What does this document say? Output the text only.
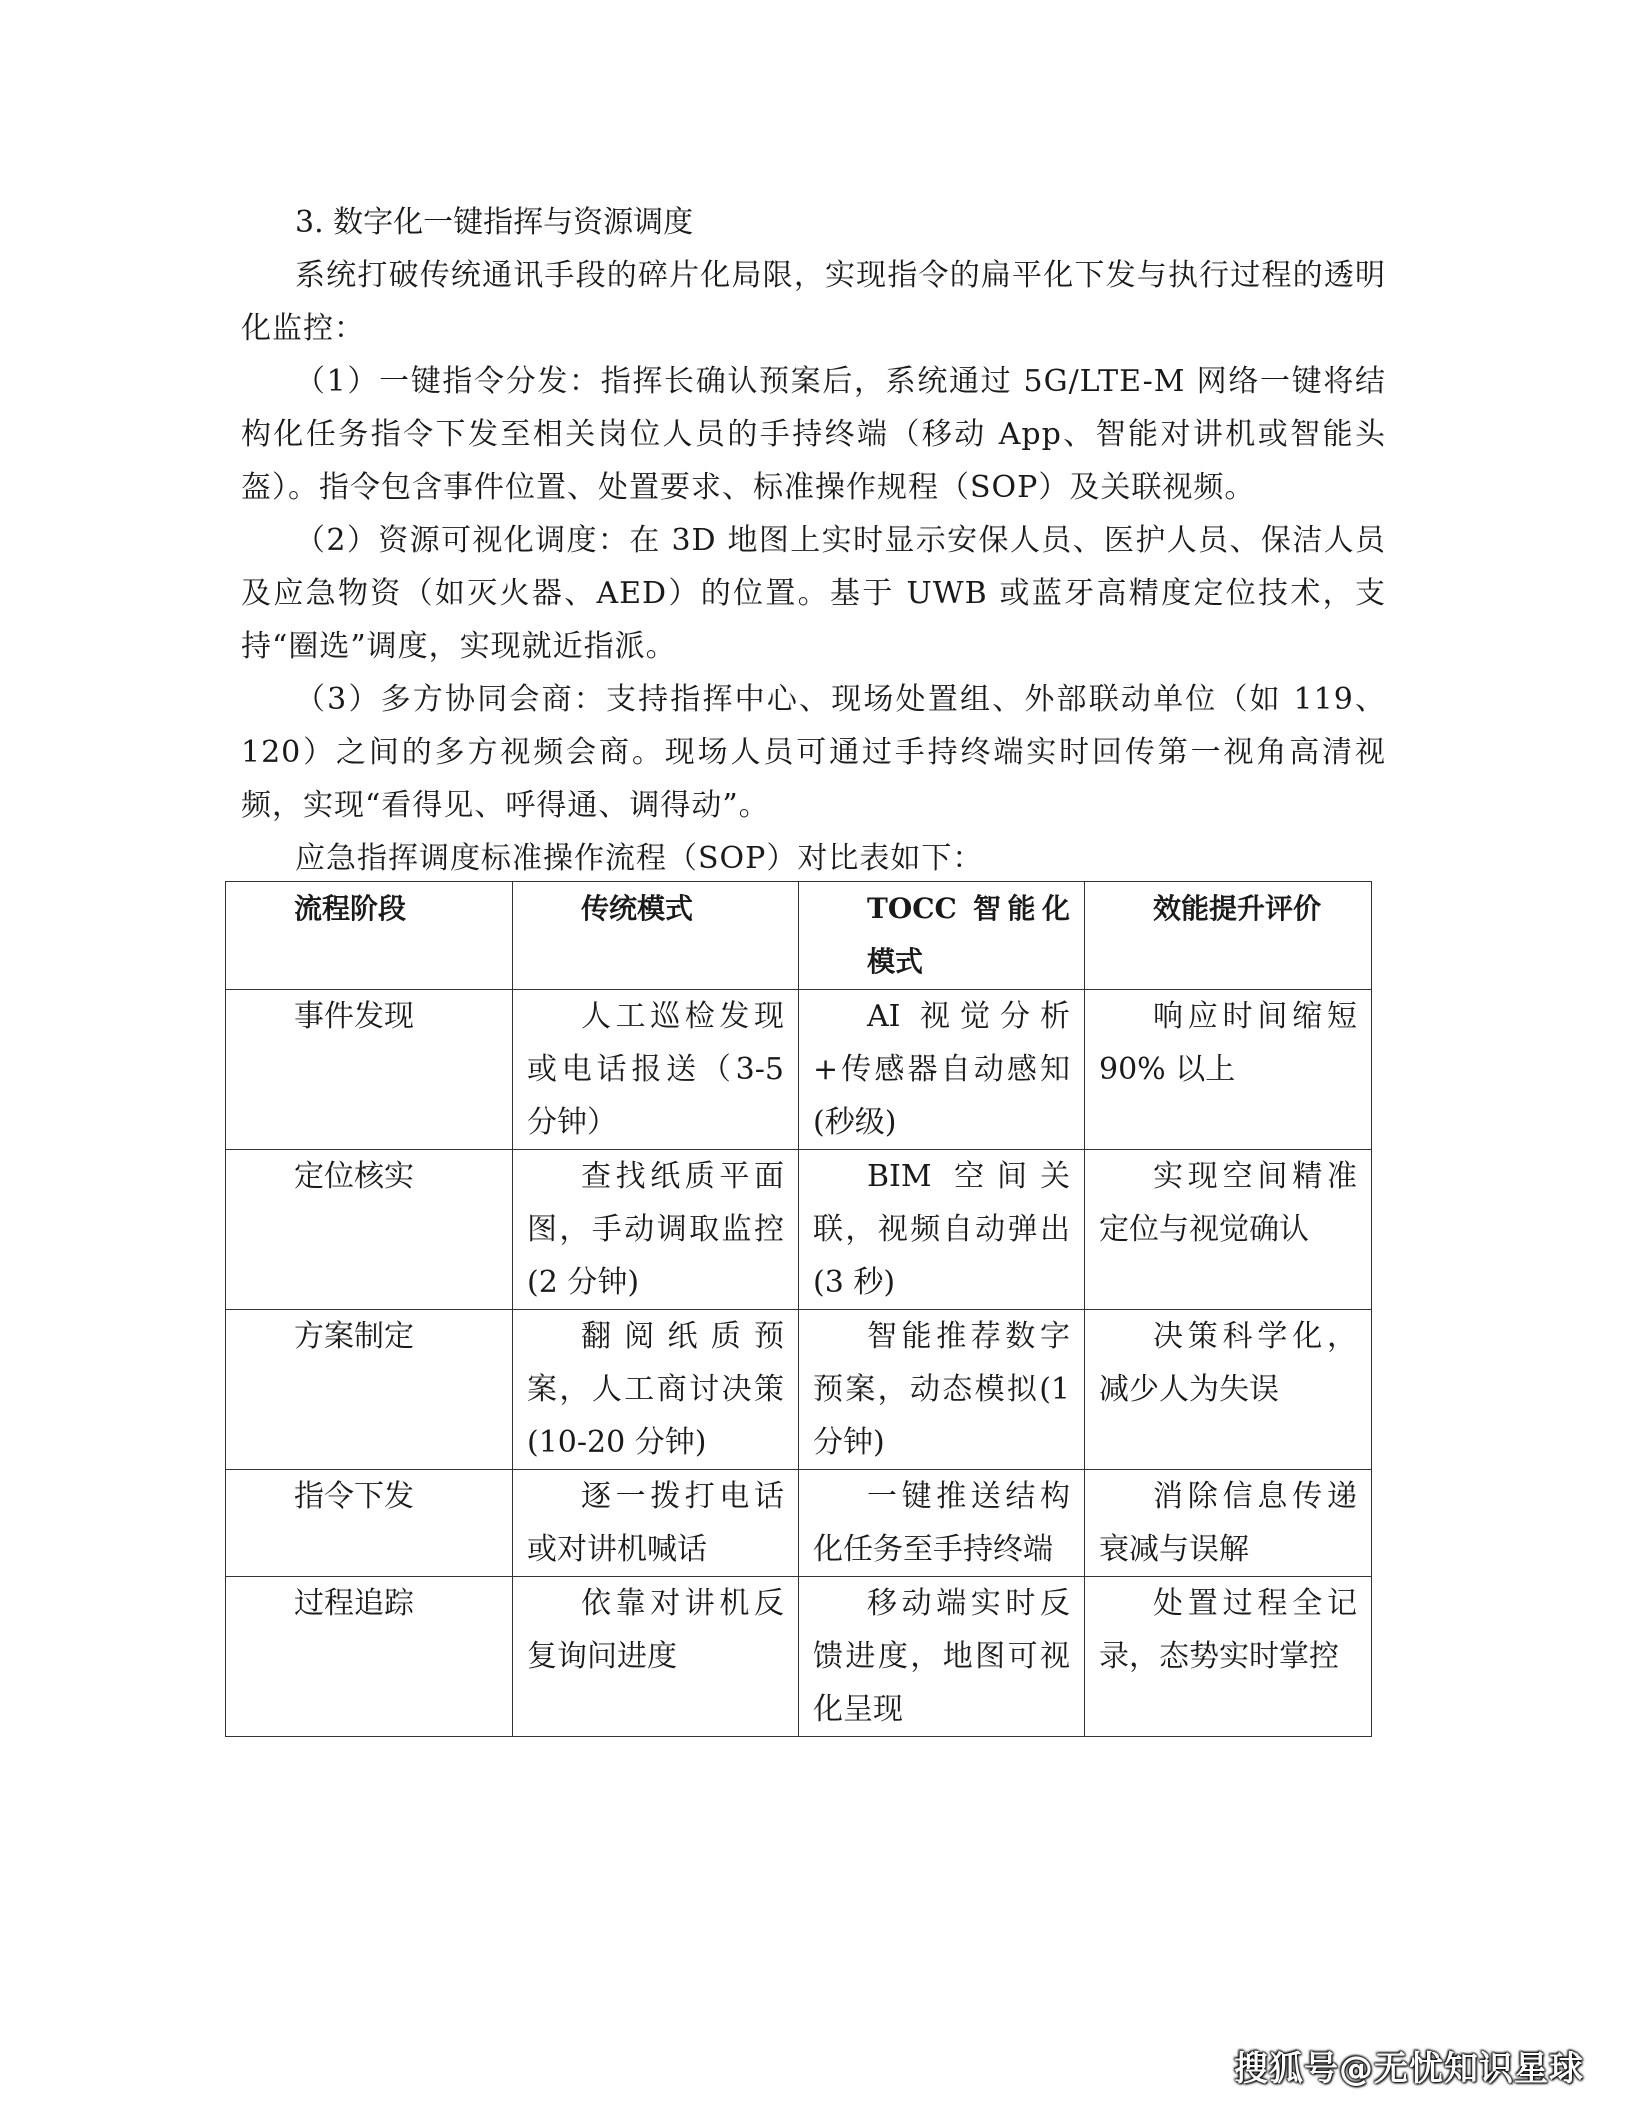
3. 数字化一键指挥与资源调度

系统打破传统通讯手段的碎片化局限，实现指令的扁平化下发与执行过程的透明化监控：

（1）一键指令分发：指挥长确认预案后，系统通过 5G/LTE-M 网络一键将结构化任务指令下发至相关岗位人员的手持终端（移动 App、智能对讲机或智能头盔）。指令包含事件位置、处置要求、标准操作规程（SOP）及关联视频。

（2）资源可视化调度：在 3D 地图上实时显示安保人员、医护人员、保洁人员及应急物资（如灭火器、AED）的位置。基于 UWB 或蓝牙高精度定位技术，支持“圈选”调度，实现就近指派。

（3）多方协同会商：支持指挥中心、现场处置组、外部联动单位（如 119、120）之间的多方视频会商。现场人员可通过手持终端实时回传第一视角高清视频，实现“看得见、呼得通、调得动”。

应急指挥调度标准操作流程（SOP）对比表如下：
流程阶段	传统模式	TOCC 智能化模式	效能提升评价

事件发现	人工巡检发现或电话报送（3-5 分钟）	AI 视觉分析+传感器自动感知(秒级)	响应时间缩短 90% 以上

定位核实	查找纸质平面图，手动调取监控(2 分钟)	BIM 空间关联，视频自动弹出(3 秒)	实现空间精准定位与视觉确认

方案制定	翻阅纸质预案，人工商讨决策(10-20 分钟)	智能推荐数字预案，动态模拟(1 分钟)	决策科学化，减少人为失误

指令下发	逐一拨打电话或对讲机喊话	一键推送结构化任务至手持终端	消除信息传递衰减与误解

过程追踪	依靠对讲机反复询问进度	移动端实时反馈进度，地图可视化呈现	处置过程全记录，态势实时掌控
搜狐号@无忧知识星球
